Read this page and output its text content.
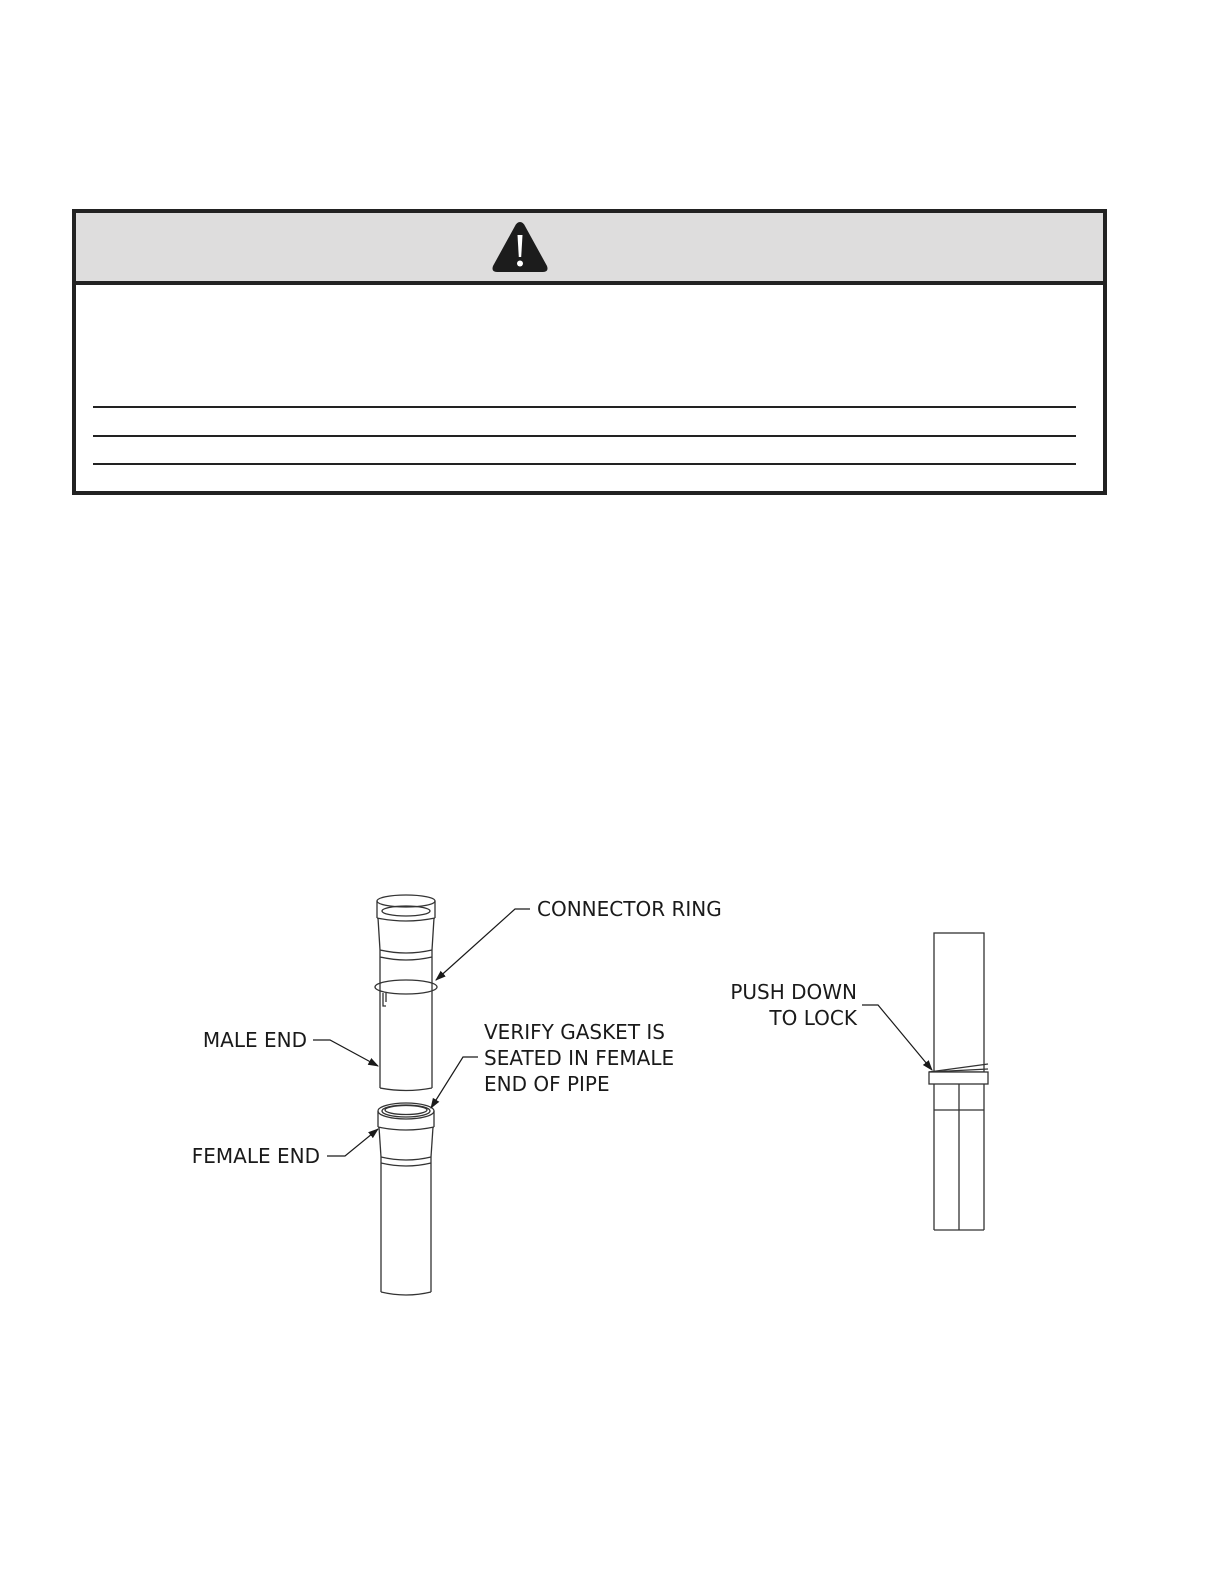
CONNECTOR RING
MALE END	VERIFY GASKET IS
SEATED IN FEMALE
END OF PIPE
FEMALE END
PUSH DOWN
TO LOCK
